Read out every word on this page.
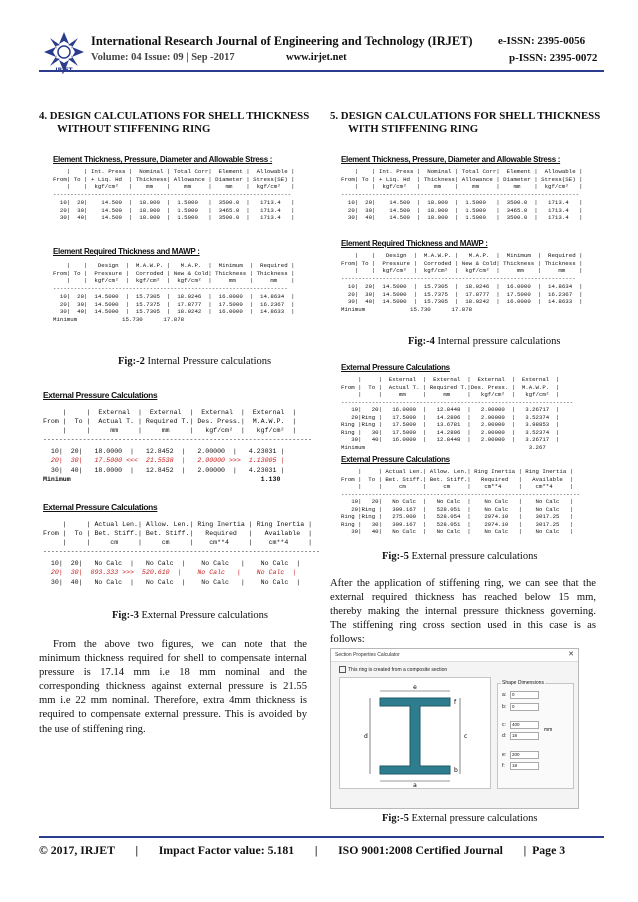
International Research Journal of Engineering and Technology (IRJET) e-ISSN: 2395-0056
Volume: 04 Issue: 09 | Sep -2017	www.irjet.net	p-ISSN: 2395-0072
4. DESIGN CALCULATIONS FOR SHELL THICKNESS
WITHOUT STIFFENING RING
Element Thickness, Pressure, Diameter and Allowable Stress :
|    | Int. Press |  Nominal | Total Corr|  Element |  Allowable |
From| To | + Liq. Hd  | Thickness| Allowance | Diameter | Stress(SE) |
|    |  kgf/cm²   |    mm    |    mm     |    mm    |  kgf/cm²   |
---------------------------------------------------------------------
10|  20|    14.500  |  18.000  |  1.5000   |  3500.0  |   1713.4   |
20|  30|    14.500  |  18.000  |  1.5000   |  3465.0  |   1713.4   |
30|  40|    14.500  |  18.000  |  1.5000   |  3500.0  |   1713.4   |
Element Required Thickness and MAWP :
|    |   Design  |  M.A.W.P. |   M.A.P.  |  Minimum  |  Required |
From| To |  Pressure |  Corroded | New & Cold| Thickness | Thickness |
|    |  kgf/cm²  |  kgf/cm²  |  kgf/cm²  |     mm    |     mm    |
--------------------------------------------------------------------
10|  20|  14.5000  |  15.7305  |  18.0246  |  16.0000  |  14.8634  |
20|  30|  14.5000  |  15.7375  |  17.8777  |  17.5000  |  16.2367  |
30|  40|  14.5000  |  15.7305  |  18.0242  |  16.0000  |  14.8633  |
Minimum             15.730      17.878
Fig:-2 Internal Pressure calculations
External Pressure Calculations
|     |  External  |  External  |  External  |  External  |
From |  To |  Actual T. | Required T.| Des. Press.|  M.A.W.P.  |
|     |     mm     |     mm     |   kgf/cm²  |   kgf/cm²  |
--------------------------------------------------------------------
10|  20|   18.0000  |   12.8452  |   2.00000  |   4.23031 |
20|  30|   17.5000 <<<  21.5538  |   2.00000 >>>  1.13005 |
30|  40|   18.0000  |   12.8452  |   2.00000  |   4.23031 |
Minimum                                                1.130
External Pressure Calculations
|     | Actual Len.| Allow. Len.| Ring Inertia | Ring Inertia |
From |  To | Bet. Stiff.| Bet. Stiff.|   Required   |   Available  |
|     |     cm     |     cm     |    cm**4     |    cm**4     |
----------------------------------------------------------------------
10|  20|   No Calc  |   No Calc  |    No Calc   |    No Calc  |
20|  30|  893.333 >>>  520.610  |    No Calc   |    No Calc  |
30|  40|   No Calc  |   No Calc  |    No Calc   |    No Calc  |
Fig:-3 External Pressure calculations
From the above two figures, we can note that the
minimum thickness required for shell to compensate internal
pressure is 17.14 mm i.e 18 mm nominal and the
corresponding thickness against external pressure is 21.55
mm i.e 22 mm nominal. Therefore, extra 4mm thickness is
required to compensate external pressure. This is avoided by
the use of stiffening ring.
5. DESIGN CALCULATIONS FOR SHELL THICKNESS
WITH STIFFENING RING
Element Thickness, Pressure, Diameter and Allowable Stress :
|    | Int. Press |  Nominal | Total Corr|  Element |  Allowable |
From| To | + Liq. Hd  | Thickness| Allowance | Diameter | Stress(SE) |
|    |  kgf/cm²   |    mm    |    mm     |    mm    |  kgf/cm²   |
---------------------------------------------------------------------
10|  20|    14.500  |  18.000  |  1.5000   |  3500.0  |   1713.4   |
20|  30|    14.500  |  18.000  |  1.5000   |  3465.0  |   1713.4   |
30|  40|    14.500  |  18.000  |  1.5000   |  3500.0  |   1713.4   |
Element Required Thickness and MAWP :
|    |   Design  |  M.A.W.P. |   M.A.P.  |  Minimum  |  Required |
From| To |  Pressure |  Corroded | New & Cold| Thickness | Thickness |
|    |  kgf/cm²  |  kgf/cm²  |  kgf/cm²  |     mm    |     mm    |
--------------------------------------------------------------------
10|  20|  14.5000  |  15.7305  |  18.0246  |  16.0000  |  14.8634  |
20|  30|  14.5000  |  15.7375  |  17.8777  |  17.5000  |  16.2367  |
30|  40|  14.5000  |  15.7305  |  18.0242  |  16.0000  |  14.8633  |
Minimum             15.730      17.878
Fig:-4 Internal pressure calculations
External Pressure Calculations
|     |  External  |  External  |  External  |  External  |
From |  To |  Actual T. | Required T.|Des. Press. |  M.A.W.P.  |
|     |     mm     |     mm     |   kgf/cm²  |   kgf/cm²  |
--------------------------------------------------------------------
10|   20|   16.0000  |   12.8448  |   2.00000  |   3.26717  |
20|Ring |   17.5000  |   14.2896  |   2.00000  |   3.52374  |
Ring |Ring |   17.5000  |   13.6781  |   2.00000  |   3.98853  |
Ring |   30|   17.5000  |   14.2896  |   2.00000  |   3.52374  |
30|   40|   16.0000  |   12.8448  |   2.00000  |   3.26717  |
Minimum                                                3.267
External Pressure Calculations
|     | Actual Len.| Allow. Len.| Ring Inertia | Ring Inertia |
From |  To | Bet. Stiff.| Bet. Stiff.|   Required   |   Available  |
|     |     cm     |     cm     |    cm**4     |    cm**4     |
----------------------------------------------------------------------
10|   20|   No Calc  |   No Calc  |    No Calc   |    No Calc   |
20|Ring |   309.167  |   528.051  |    No Calc   |    No Calc   |
Ring |Ring |   275.000  |   528.054  |    2974.10   |    3017.25   |
Ring |   30|   309.167  |   528.051  |    2974.10   |    3017.25   |
30|   40|   No Calc  |   No Calc  |    No Calc   |    No Calc   |
Fig:-5 External pressure calculations
After the application of stiffening ring, we can see that the
external required thickness has reached below 15 mm,
thereby making the internal pressure thickness governing.
The stiffening ring cross section used in this case is as
follows:
Section Properties Calculator	✕
This ring is created from a composite section
e
a
d	c
f
b
Shape Dimensions
a:	0
b:	0
c:	400
d:	18
mm
e:	200
f:	18
Fig:-5 External pressure calculations
© 2017, IRJET | Impact Factor value: 5.181 | ISO 9001:2008 Certified Journal | Page 3
